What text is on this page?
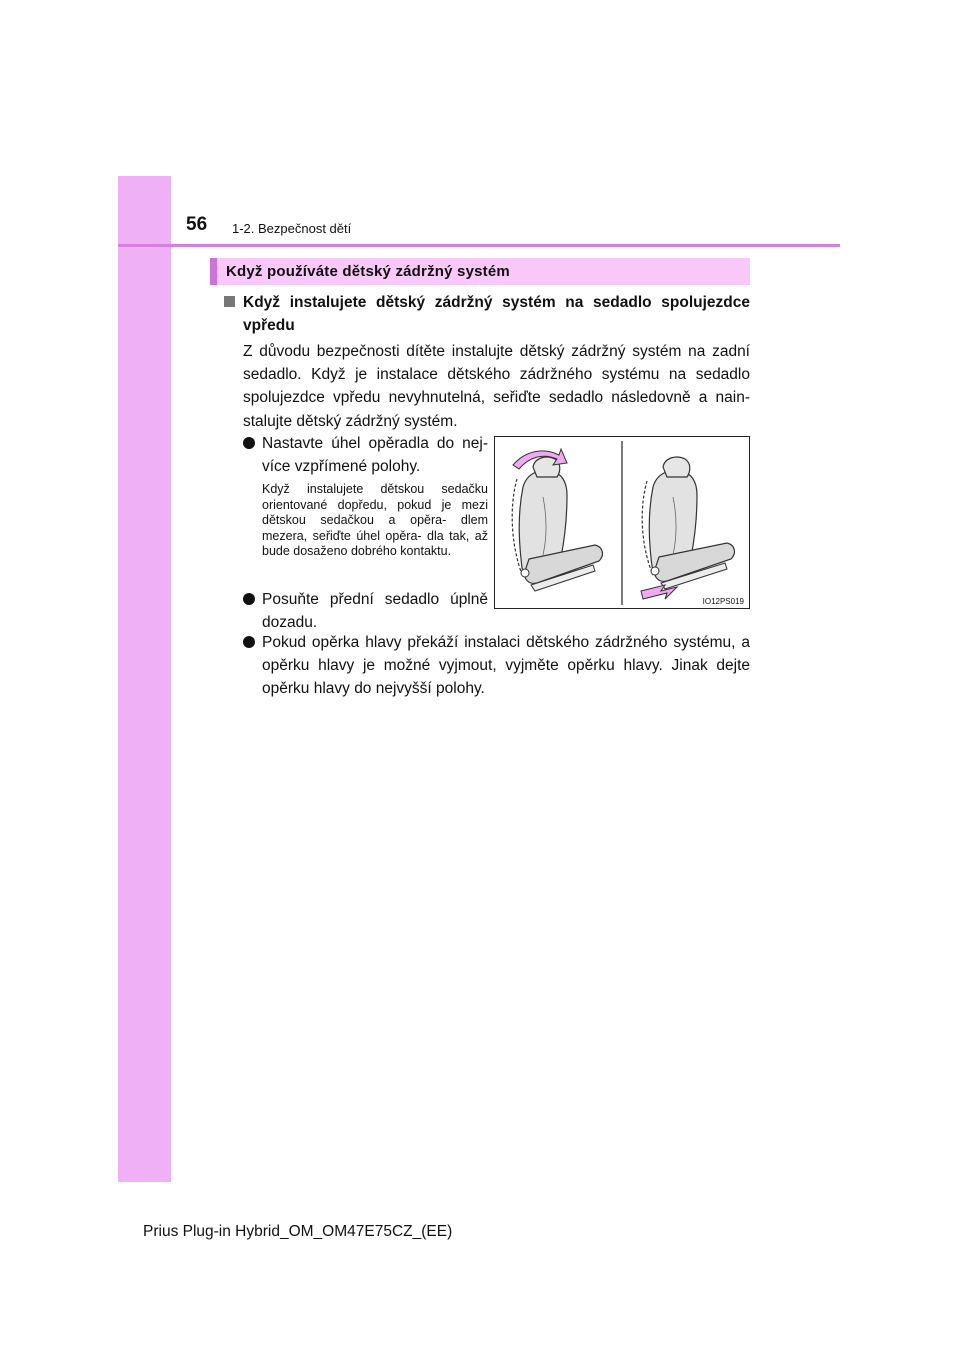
56 1-2. Bezpečnost dětí
Když používáte dětský zádržný systém
Když instalujete dětský zádržný systém na sedadlo spolujezdce vpředu
Z důvodu bezpečnosti dítěte instalujte dětský zádržný systém na zadní sedadlo. Když je instalace dětského zádržného systému na sedadlo spolujezdce vpředu nevyhnutelná, seřiďte sedadlo následovně a nain- stalujte dětský zádržný systém.
Nastavte úhel opěradla do nej- více vzpřímené polohy.
Když instalujete dětskou sedačku orientované dopředu, pokud je mezi dětskou sedačkou a opěra- dlem mezera, seřiďte úhel opěra- dla tak, až bude dosaženo dobrého kontaktu.
Posuňte přední sedadlo úplně dozadu.
Pokud opěrka hlavy překáží instalaci dětského zádržného systému, a opěrku hlavy je možné vyjmout, vyjměte opěrku hlavy. Jinak dejte opěrku hlavy do nejvyšší polohy.
IO12PS019
Prius Plug-in Hybrid_OM_OM47E75CZ_(EE)
